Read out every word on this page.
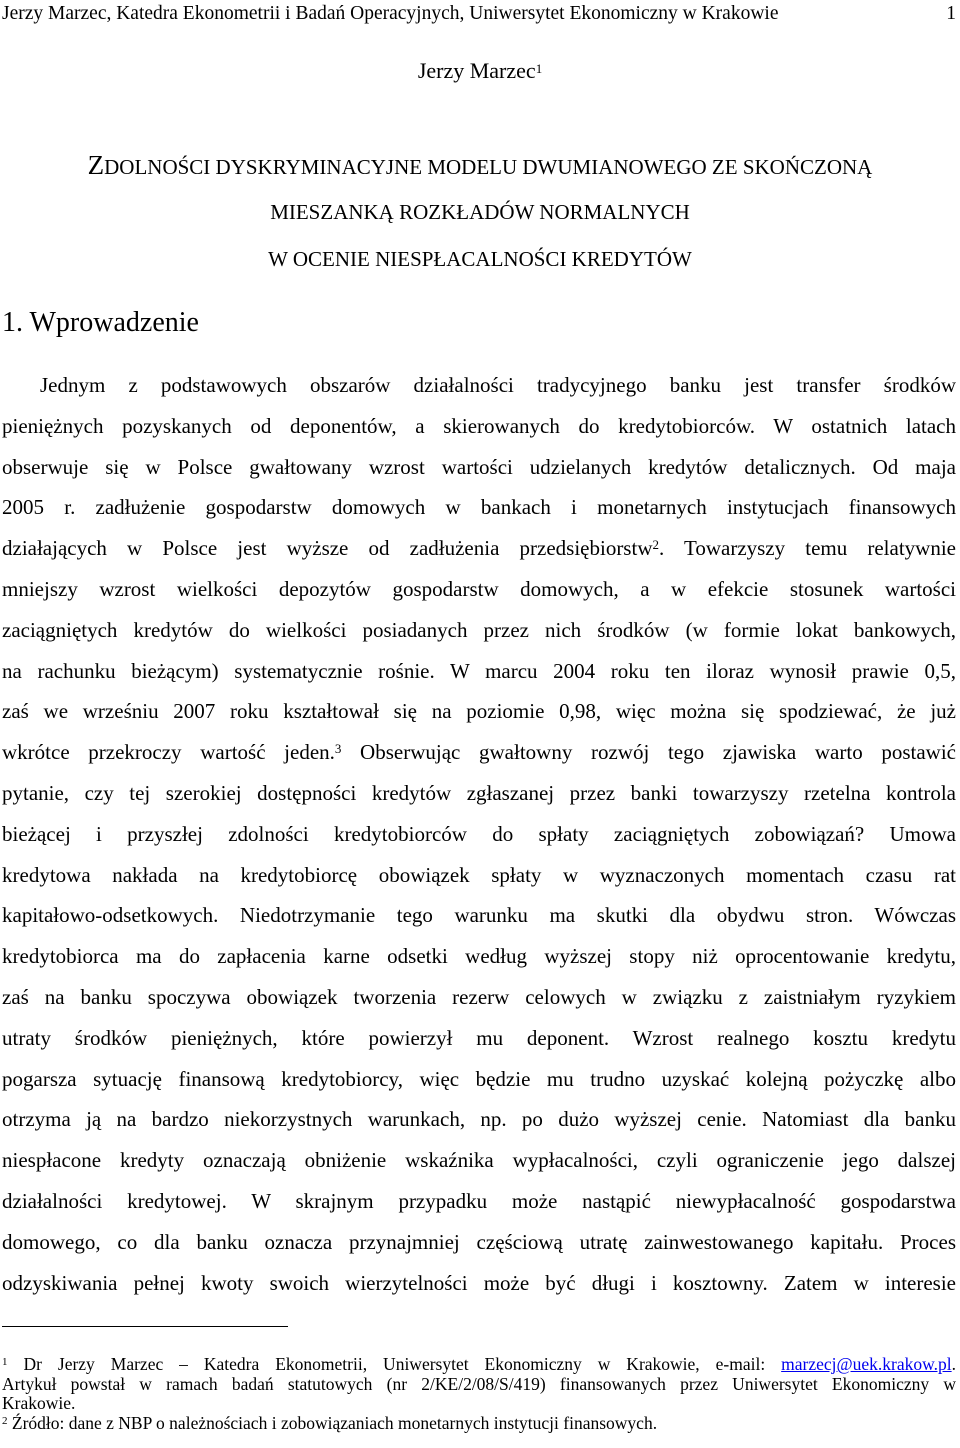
Jerzy Marzec, Katedra Ekonometrii i Badań Operacyjnych, Uniwersytet Ekonomiczny w Krakowie	1
Jerzy Marzec$^1$
ZDOLNOŚCI DYSKRYMINACYJNE MODELU DWUMIANOWEGO ZE SKOŃCZONĄ
MIESZANKĄ ROZKŁADÓW NORMALNYCH
W OCENIE NIESPŁACALNOŚCI KREDYTÓW
1. Wprowadzenie
Jednym z podstawowych obszarów działalności tradycyjnego banku jest transfer środków
pieniężnych pozyskanych od deponentów, a skierowanych do kredytobiorców. W ostatnich latach
obserwuje się w Polsce gwałtowany wzrost wartości udzielanych kredytów detalicznych. Od maja
2005 r. zadłużenie gospodarstw domowych w bankach i monetarnych instytucjach finansowych
działających w Polsce jest wyższe od zadłużenia przedsiębiorstw$^2$. Towarzyszy temu relatywnie
mniejszy wzrost wielkości depozytów gospodarstw domowych, a w efekcie stosunek wartości
zaciągniętych kredytów do wielkości posiadanych przez nich środków (w formie lokat bankowych,
na rachunku bieżącym) systematycznie rośnie. W marcu 2004 roku ten iloraz wynosił prawie 0,5,
zaś we wrześniu 2007 roku kształtował się na poziomie 0,98, więc można się spodziewać, że już
wkrótce przekroczy wartość jeden.$^3$ Obserwując gwałtowny rozwój tego zjawiska warto postawić
pytanie, czy tej szerokiej dostępności kredytów zgłaszanej przez banki towarzyszy rzetelna kontrola
bieżącej i przyszłej zdolności kredytobiorców do spłaty zaciągniętych zobowiązań? Umowa
kredytowa nakłada na kredytobiorcę obowiązek spłaty w wyznaczonych momentach czasu rat
kapitałowo-odsetkowych. Niedotrzymanie tego warunku ma skutki dla obydwu stron. Wówczas
kredytobiorca ma do zapłacenia karne odsetki według wyższej stopy niż oprocentowanie kredytu,
zaś na banku spoczywa obowiązek tworzenia rezerw celowych w związku z zaistniałym ryzykiem
utraty środków pieniężnych, które powierzył mu deponent. Wzrost realnego kosztu kredytu
pogarsza sytuację finansową kredytobiorcy, więc będzie mu trudno uzyskać kolejną pożyczkę albo
otrzyma ją na bardzo niekorzystnych warunkach, np. po dużo wyższej cenie. Natomiast dla banku
niespłacone kredyty oznaczają obniżenie wskaźnika wypłacalności, czyli ograniczenie jego dalszej
działalności kredytowej. W skrajnym przypadku może nastąpić niewypłacalność gospodarstwa
domowego, co dla banku oznacza przynajmniej częściową utratę zainwestowanego kapitału. Proces
odzyskiwania pełnej kwoty swoich wierzytelności może być długi i kosztowny. Zatem w interesie
$^1$ Dr Jerzy Marzec – Katedra Ekonometrii, Uniwersytet Ekonomiczny w Krakowie, e-mail: marzecj@uek.krakow.pl.
Artykuł powstał w ramach badań statutowych (nr 2/KE/2/08/S/419) finansowanych przez Uniwersytet Ekonomiczny w
Krakowie.
$^2$ Źródło: dane z NBP o należnościach i zobowiązaniach monetarnych instytucji finansowych.
